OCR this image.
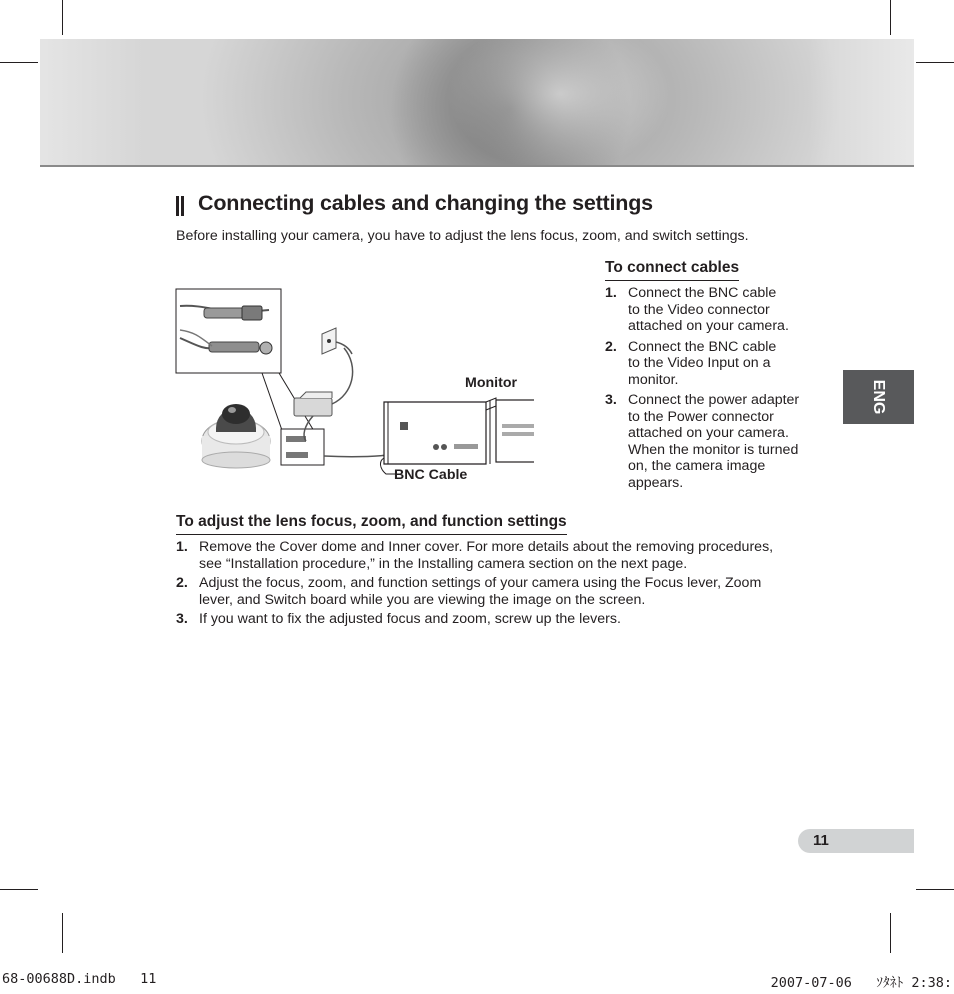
Connecting cables and changing the settings
Before installing your camera, you have to adjust the lens focus, zoom, and switch settings.
Monitor
BNC Cable
To connect cables
1. Connect the BNC cable
to the Video connector
attached on your camera.
2. Connect the BNC cable
to the Video Input on a
monitor.
3. Connect the power adapter
to the Power connector
attached on your camera.
When the monitor is turned
on, the camera image
appears.
To adjust the lens focus, zoom, and function settings
1. Remove the Cover dome and Inner cover. For more details about the removing procedures,
see “Installation procedure,” in the Installing camera section on the next page.
2. Adjust the focus, zoom, and function settings of your camera using the Focus lever, Zoom
lever, and Switch board while you are viewing the image on the screen.
3. If you want to fix the adjusted focus and zoom, screw up the levers.
ENG
11
68-00688D.indb   11	2007-07-06   ｿﾀﾈﾄ 2:38:
